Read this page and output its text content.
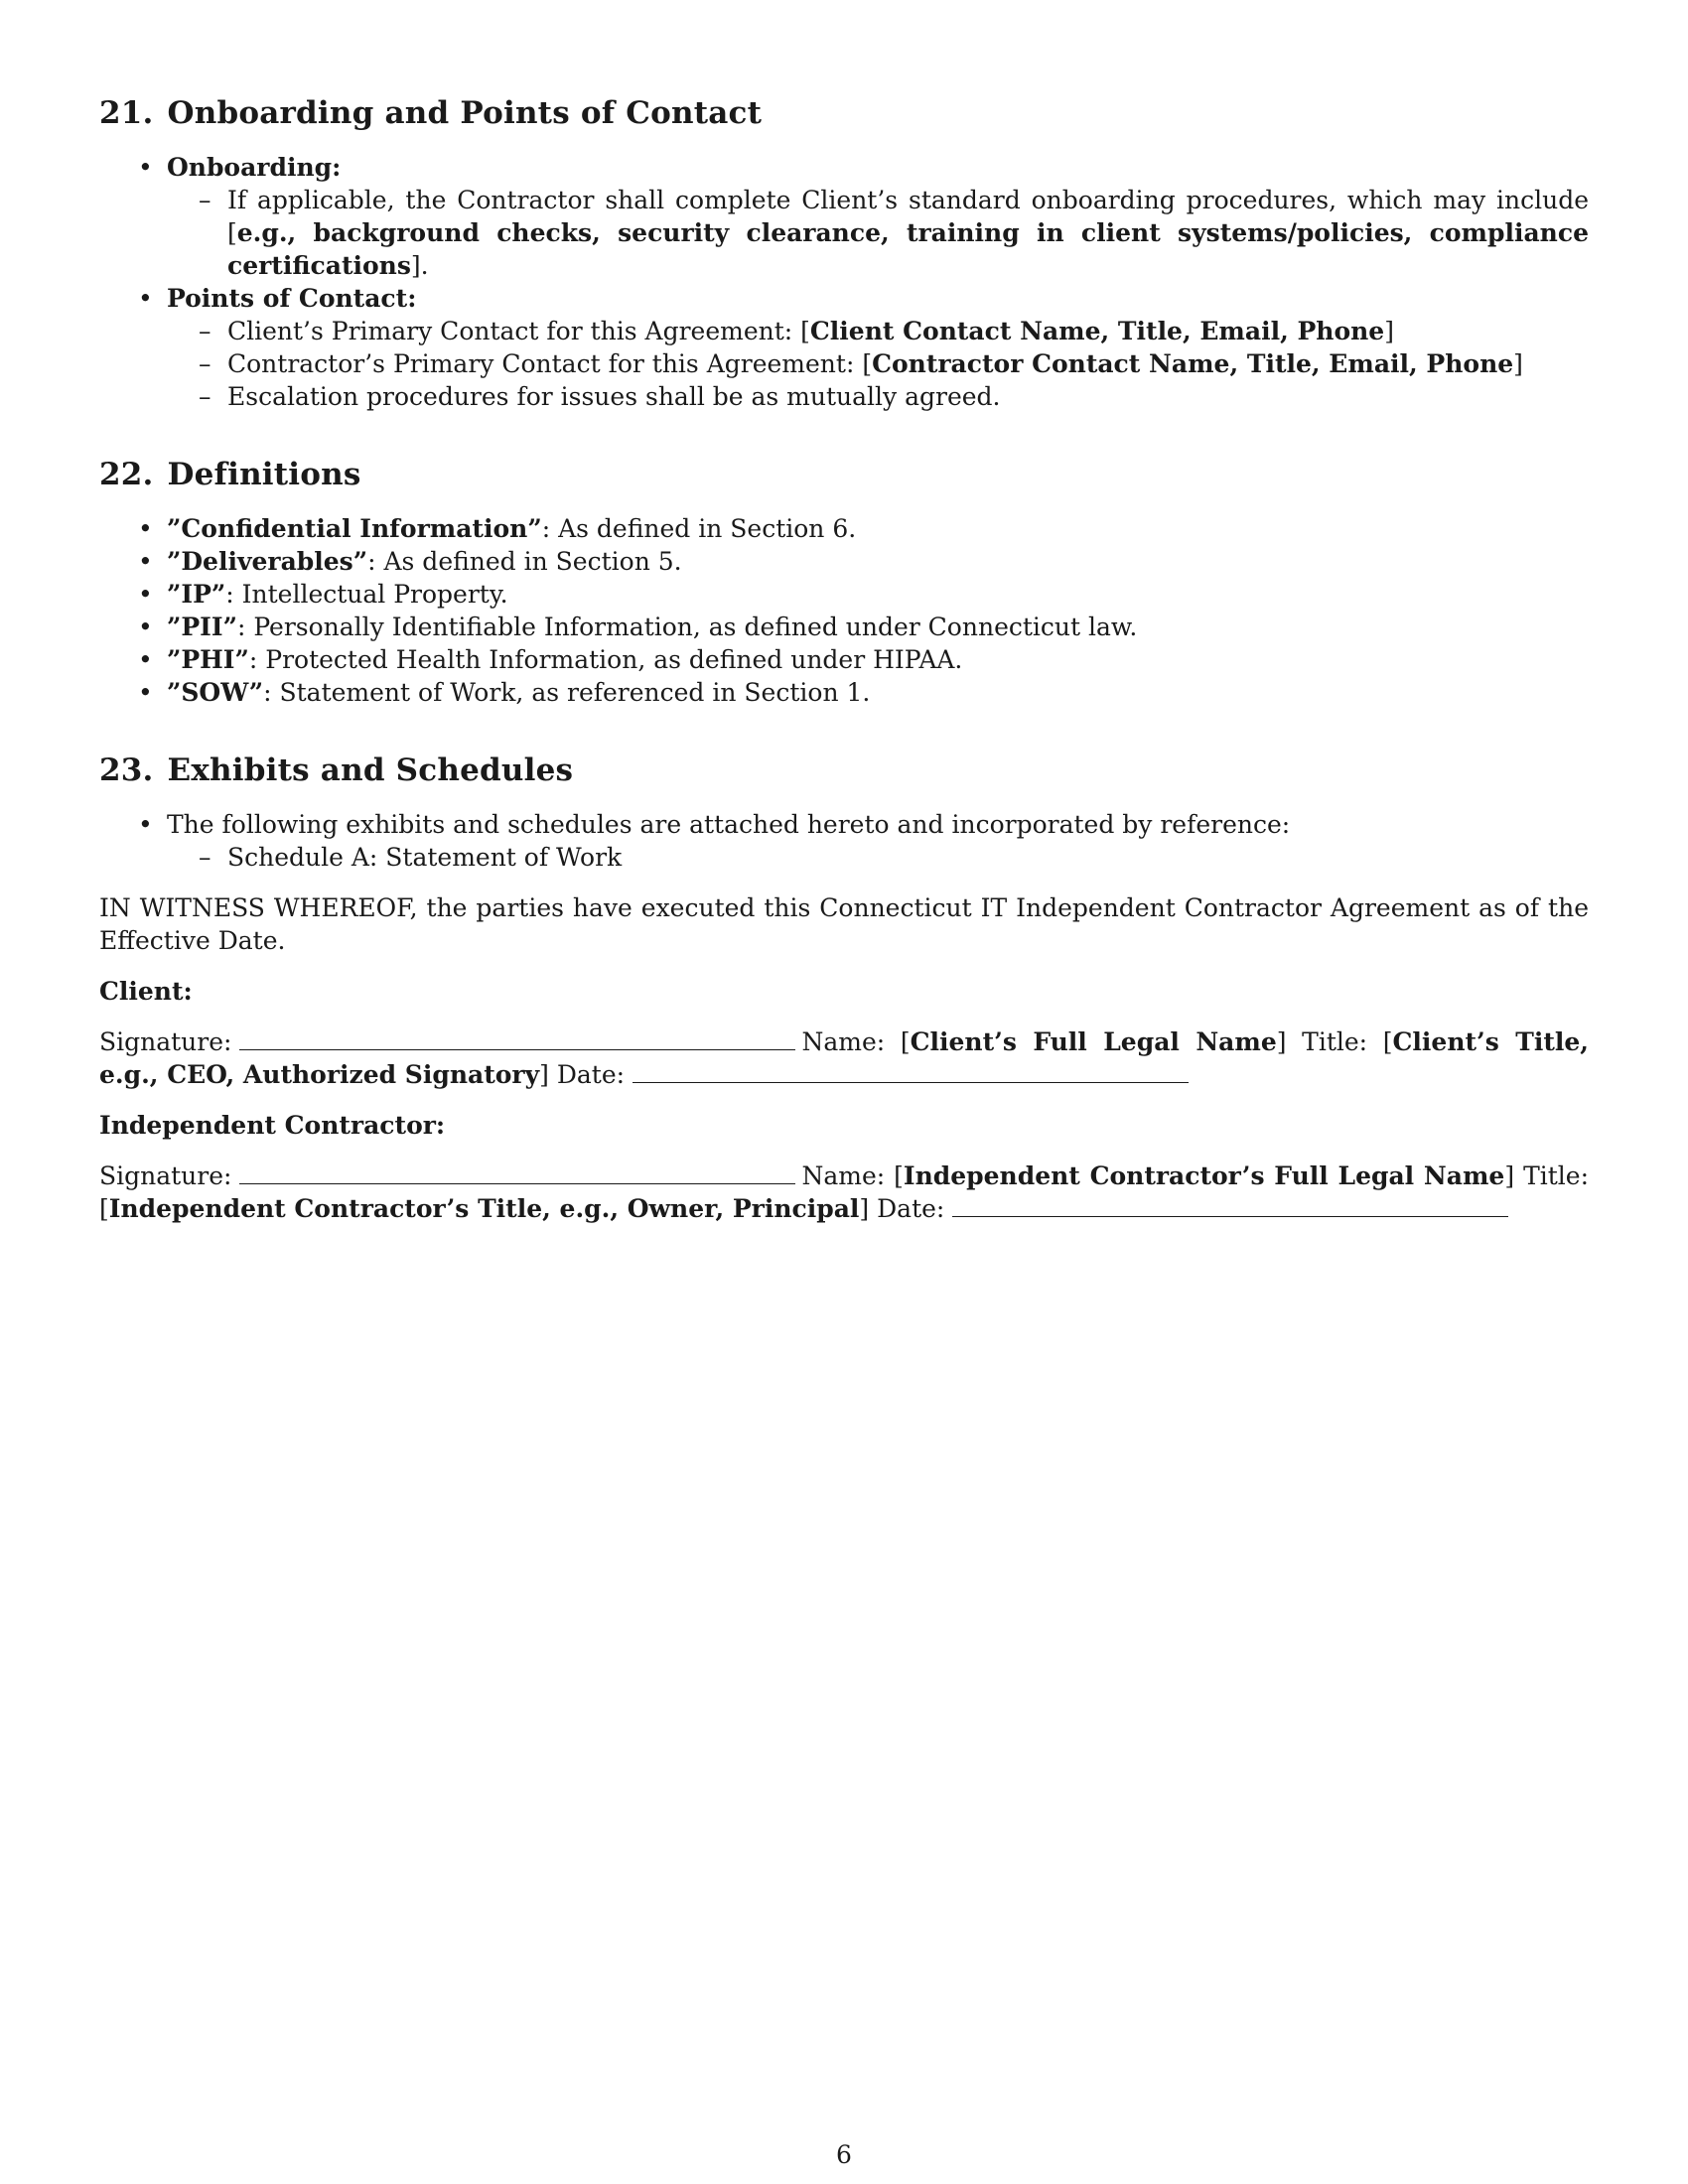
21. Onboarding and Points of Contact
• Onboarding:
– If applicable, the Contractor shall complete Client’s standard onboarding procedures, which may include [e.g., background checks, security clearance, training in client systems/policies, compliance certifications].
• Points of Contact:
– Client’s Primary Contact for this Agreement: [Client Contact Name, Title, Email, Phone]
– Contractor’s Primary Contact for this Agreement: [Contractor Contact Name, Title, Email, Phone]
– Escalation procedures for issues shall be as mutually agreed.
22. Definitions
• ”Confidential Information”: As defined in Section 6.
• ”Deliverables”: As defined in Section 5.
• ”IP”: Intellectual Property.
• ”PII”: Personally Identifiable Information, as defined under Connecticut law.
• ”PHI”: Protected Health Information, as defined under HIPAA.
• ”SOW”: Statement of Work, as referenced in Section 1.
23. Exhibits and Schedules
• The following exhibits and schedules are attached hereto and incorporated by reference:
– Schedule A: Statement of Work

IN WITNESS WHEREOF, the parties have executed this Connecticut IT Independent Contractor Agreement as of the Effective Date.

Client:

Signature:	Name: [Client’s Full Legal Name] Title: [Client’s Title, e.g., CEO, Authorized Signatory] Date:

Independent Contractor:

Signature:	Name: [Independent Contractor’s Full Legal Name] Title: [Independent Contractor’s Title, e.g., Owner, Principal] Date:

6
